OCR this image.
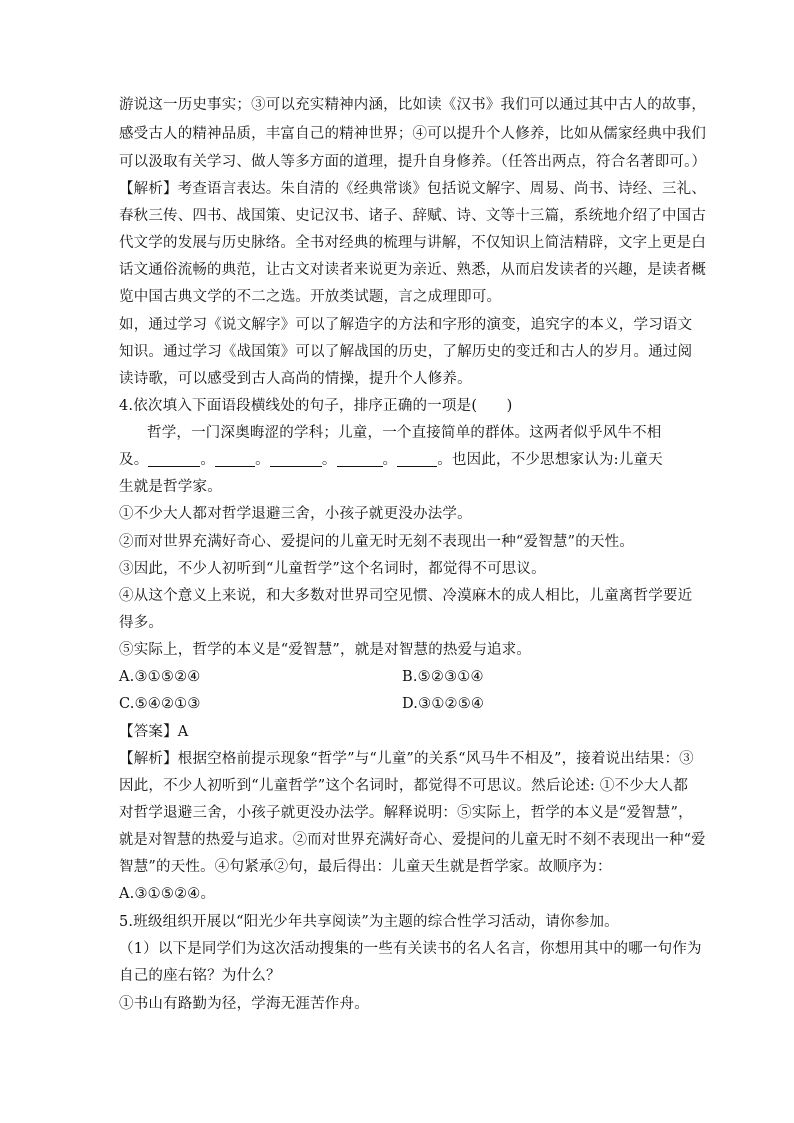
游说这一历史事实；③可以充实精神内涵，比如读《汉书》我们可以通过其中古人的故事，
感受古人的精神品质，丰富自己的精神世界；④可以提升个人修养，比如从儒家经典中我们
可以汲取有关学习、做人等多方面的道理，提升自身修养。（任答出两点，符合名著即可。）
【解析】考查语言表达。朱自清的《经典常谈》包括说文解字、周易、尚书、诗经、三礼、
春秋三传、四书、战国策、史记汉书、诸子、辞赋、诗、文等十三篇，系统地介绍了中国古
代文学的发展与历史脉络。全书对经典的梳理与讲解，不仅知识上简洁精辟，文字上更是白
话文通俗流畅的典范，让古文对读者来说更为亲近、熟悉，从而启发读者的兴趣，是读者概
览中国古典文学的不二之选。开放类试题，言之成理即可。
如，通过学习《说文解字》可以了解造字的方法和字形的演变，追究字的本义，学习语文
知识。通过学习《战国策》可以了解战国的历史，了解历史的变迁和古人的岁月。通过阅
读诗歌，可以感受到古人高尚的情操，提升个人修养。
4.依次填入下面语段横线处的句子，排序正确的一项是(　　)
哲学，一门深奥晦涩的学科；儿童，一个直接简单的群体。这两者似乎风牛不相
及。	。	。	。	。	。也因此，不少思想家认为:儿童天
生就是哲学家。
①不少大人都对哲学退避三舍，小孩子就更没办法学。
②而对世界充满好奇心、爱提问的儿童无时无刻不表现出一种“爱智慧”的天性。
③因此，不少人初听到“儿童哲学”这个名词时，都觉得不可思议。
④从这个意义上来说，和大多数对世界司空见惯、冷漠麻木的成人相比，儿童离哲学要近
得多。
⑤实际上，哲学的本义是“爱智慧”，就是对智慧的热爱与追求。
A.③①⑤②④	B.⑤②③①④
C.⑤④②①③	D.③①②⑤④
【答案】A
【解析】根据空格前提示现象“哲学”与“儿童”的关系“风马牛不相及”，接着说出结果：③
因此，不少人初听到“儿童哲学”这个名词时，都觉得不可思议。然后论述: ①不少大人都
对哲学退避三舍，小孩子就更没办法学。解释说明：⑤实际上，哲学的本义是“爱智慧”，
就是对智慧的热爱与追求。②而对世界充满好奇心、爱提问的儿童无时不刻不表现出一种“爱
智慧”的天性。④句紧承②句，最后得出：儿童天生就是哲学家。故顺序为：
A.③①⑤②④。
5.班级组织开展以“阳光少年共享阅读”为主题的综合性学习活动，请你参加。
（1）以下是同学们为这次活动搜集的一些有关读书的名人名言，你想用其中的哪一句作为
自己的座右铭？为什么？
①书山有路勤为径，学海无涯苦作舟。
